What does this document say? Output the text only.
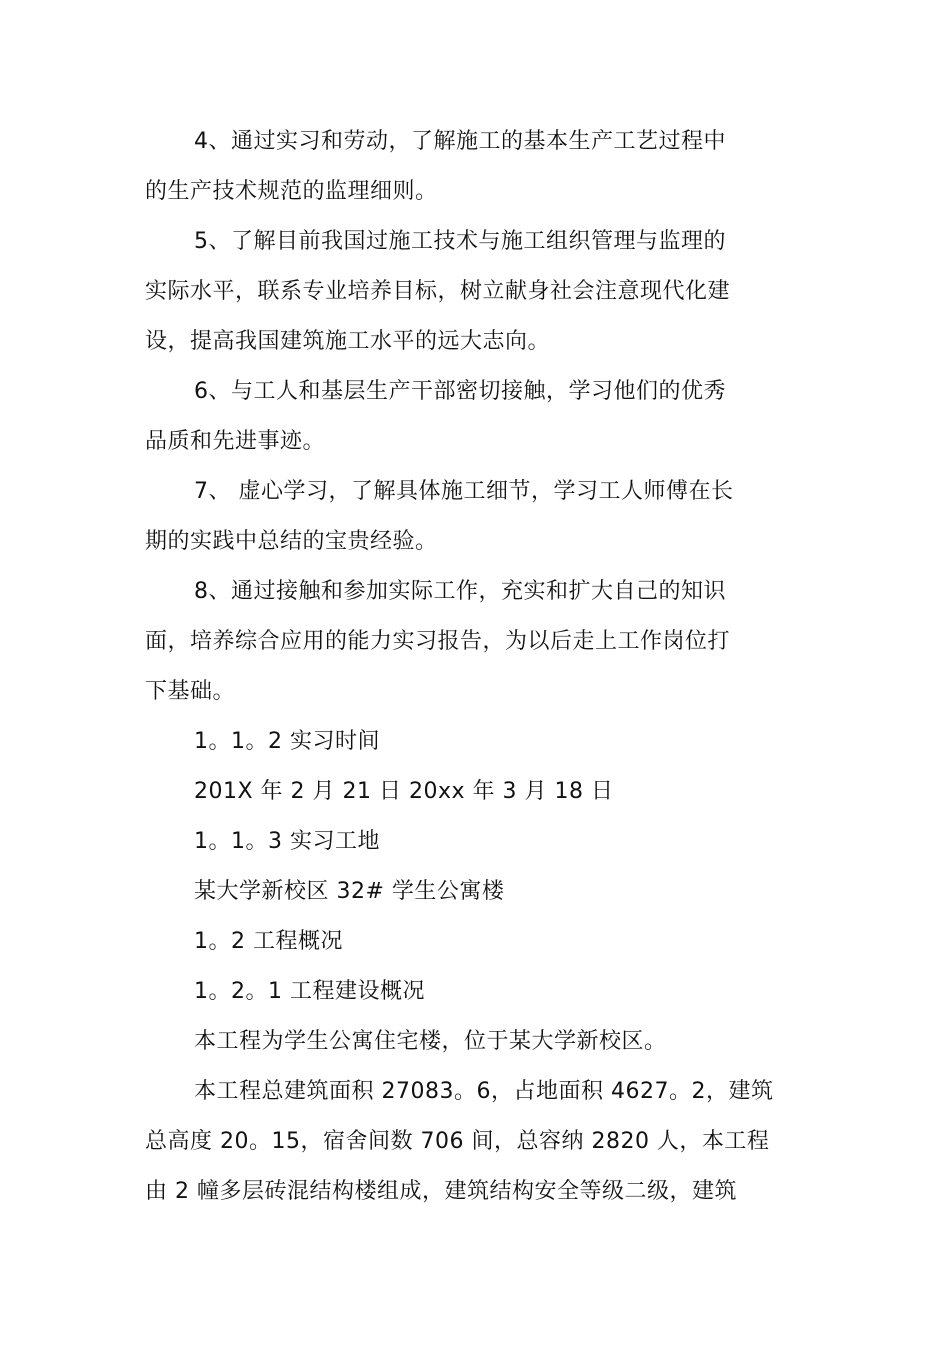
4、通过实习和劳动，了解施工的基本生产工艺过程中
的生产技术规范的监理细则。
5、了解目前我国过施工技术与施工组织管理与监理的
实际水平，联系专业培养目标，树立献身社会注意现代化建
设，提高我国建筑施工水平的远大志向。
6、与工人和基层生产干部密切接触，学习他们的优秀
品质和先进事迹。
7、 虚心学习，了解具体施工细节，学习工人师傅在长
期的实践中总结的宝贵经验。
8、通过接触和参加实际工作，充实和扩大自己的知识
面，培养综合应用的能力实习报告，为以后走上工作岗位打
下基础。
1。1。2 实习时间
201X 年 2 月 21 日 20xx 年 3 月 18 日
1。1。3 实习工地
某大学新校区 32# 学生公寓楼
1。2 工程概况
1。2。1 工程建设概况
本工程为学生公寓住宅楼，位于某大学新校区。
本工程总建筑面积 27083。6，占地面积 4627。2，建筑
总高度 20。15，宿舍间数 706 间，总容纳 2820 人，本工程
由 2 幢多层砖混结构楼组成，建筑结构安全等级二级，建筑
